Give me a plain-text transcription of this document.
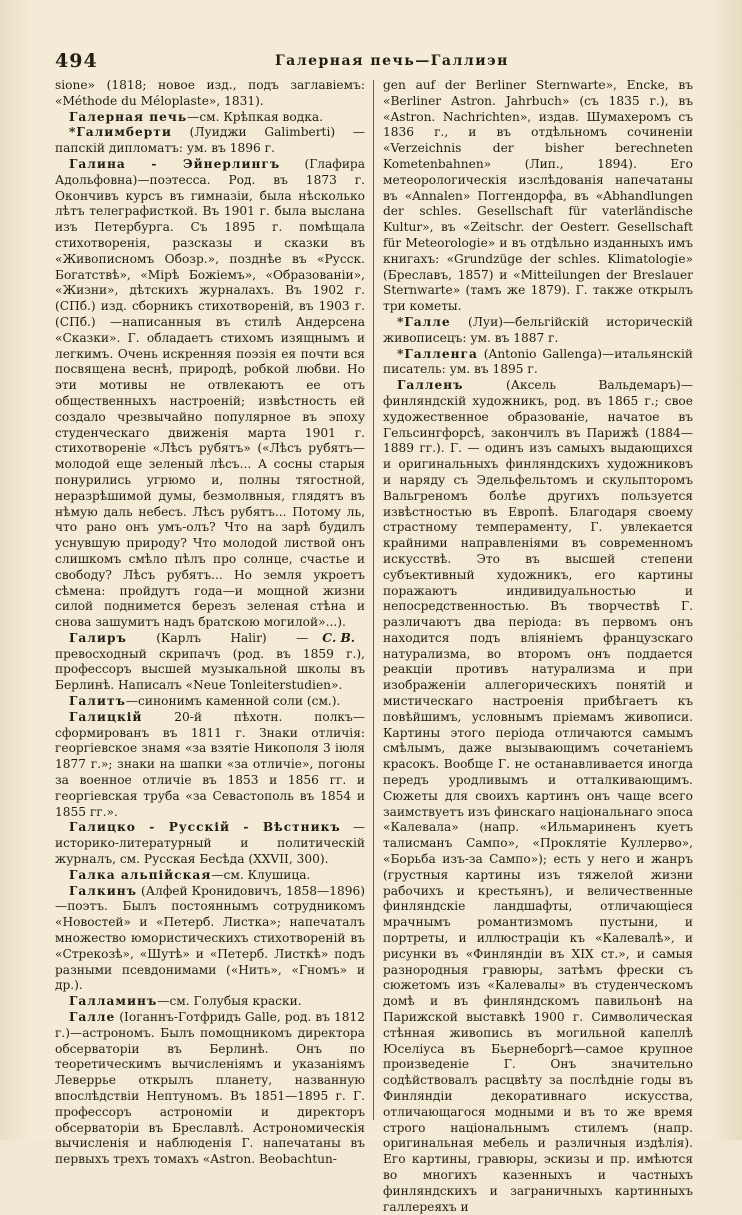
494	Галерная печь—Галлиэн

sione» (1818; новое изд., подъ заглавіемъ: «Méthode du Méloplaste», 1831).

Галерная печь—см. Крѣпкая водка.

*Галимберти (Луиджи Galimberti) — папскій дипломатъ: ум. въ 1896 г.

Галина - Эйнерлингъ (Глафира Адольфовна)—поэтесса. Род. въ 1873 г. Окончивъ курсъ въ гимназіи, была нѣсколько лѣтъ телеграфисткой. Въ 1901 г. была выслана изъ Петербурга. Съ 1895 г. помѣщала стихотворенія, разсказы и сказки въ «Живописномъ Обозр.», позднѣе въ «Русск. Богатствѣ», «Мірѣ Божіемъ», «Образованіи», «Жизни», дѣтскихъ журналахъ. Въ 1902 г. (СПб.) изд. сборникъ стихотвореній, въ 1903 г. (СПб.) —написанныя въ стилѣ Андерсена «Сказки». Г. обладаетъ стихомъ изящнымъ и легкимъ. Очень искренняя поэзія ея почти вся посвящена веснѣ, природѣ, робкой любви. Но эти мотивы не отвлекаютъ ее отъ общественныхъ настроеній; извѣстность ей создало чрезвычайно популярное въ эпоху студенческаго движенія марта 1901 г. стихотвореніе «Лѣсъ рубятъ» («Лѣсъ рубятъ—молодой еще зеленый лѣсъ... А сосны старыя понурились угрюмо и, полны тягостной, неразрѣшимой думы, безмолвныя, глядятъ въ нѣмую даль небесъ. Лѣсъ рубятъ... Потому ль, что рано онъ умъ-олъ? Что на зарѣ будилъ уснувшую природу? Что молодой листвой онъ слишкомъ смѣло пѣлъ про солнце, счастье и свободу? Лѣсъ рубятъ... Но земля укроетъ сѣмена: пройдутъ года—и мощной жизни силой поднимется березъ зеленая стѣна и снова зашумитъ надъ братскою могилой»...).
С. В.

Галиръ (Карлъ Halir) — превосходный скрипачъ (род. въ 1859 г.), профессоръ высшей музыкальной школы въ Берлинѣ. Написалъ «Neue Tonleiterstudien».

Галитъ—синонимъ каменной соли (см.).

Галицкій 20-й пѣхотн. полкъ—сформированъ въ 1811 г. Знаки отличія: георгіевское знамя «за взятіе Никополя 3 іюля 1877 г.»; знаки на шапки «за отличіе», погоны за военное отличіе въ 1853 и 1856 гг. и георгіевская труба «за Севастополь въ 1854 и 1855 гг.».

Галицко - Русскій - Вѣстникъ — историко-литературный и политическій журналъ, см. Русская Бесѣда (XXVII, 300).

Галка альпійская—см. Клушица.

Галкинъ (Алфей Кронидовичъ, 1858—1896)—поэтъ. Былъ постояннымъ сотрудникомъ «Новостей» и «Петерб. Листка»; напечаталъ множество юмористическихъ стихотвореній въ «Стрекозѣ», «Шутѣ» и «Петерб. Листкѣ» подъ разными псевдонимами («Нить», «Гномъ» и др.).

Галламинъ—см. Голубыя краски.

Галле (Іоганнъ-Готфридъ Galle, род. въ 1812 г.)—астрономъ. Былъ помощникомъ директора обсерваторіи въ Берлинѣ. Онъ по теоретическимъ вычисленіямъ и указаніямъ Леверрье открылъ планету, названную впослѣдствіи Нептуномъ. Въ 1851—1895 г. Г. профессоръ астрономіи и директоръ обсерваторіи въ Бреславлѣ. Астрономическія вычисленія и наблюденія Г. напечатаны въ первыхъ трехъ томахъ «Astron. Beobachtun-

gen auf der Berliner Sternwarte», Encke, въ «Berliner Astron. Jahrbuch» (съ 1835 г.), въ «Astron. Nachrichten», издав. Шумахеромъ съ 1836 г., и въ отдѣльномъ сочиненіи «Verzeichnis der bisher berechneten Kometenbahnen» (Лип., 1894). Его метеорологическія изслѣдованія напечатаны въ «Annalen» Поггендорфа, въ «Abhandlungen der schles. Gesellschaft für vaterländische Kultur», въ «Zeitschr. der Oesterr. Gesellschaft für Meteorologie» и въ отдѣльно изданныхъ имъ книгахъ: «Grundzüge der schles. Klimatologie» (Бреславъ, 1857) и «Mitteilungen der Breslauer Sternwarte» (тамъ же 1879). Г. также открылъ три кометы.

*Галле (Луи)—бельгійскій историческій живописецъ: ум. въ 1887 г.

*Галленга (Antonio Gallenga)—итальянскій писатель: ум. въ 1895 г.

Галленъ (Аксель Вальдемаръ)—финляндскій художникъ, род. въ 1865 г.; свое художественное образованіе, начатое въ Гельсингфорсѣ, закончилъ въ Парижѣ (1884—1889 гг.). Г. — одинъ изъ самыхъ выдающихся и оригинальныхъ финляндскихъ художниковъ и наряду съ Эдельфельтомъ и скульпторомъ Вальгреномъ болѣе другихъ пользуется извѣстностью въ Европѣ. Благодаря своему страстному темпераменту, Г. увлекается крайними направленіями въ современномъ искусствѣ. Это въ высшей степени субъективный художникъ, его картины поражаютъ индивидуальностью и непосредственностью. Въ творчествѣ Г. различаютъ два періода: въ первомъ онъ находится подъ вліяніемъ французскаго натурализма, во второмъ онъ поддается реакціи противъ натурализма и при изображеніи аллегорическихъ понятій и мистическаго настроенія прибѣгаетъ къ повѣйшимъ, условнымъ пріемамъ живописи. Картины этого періода отличаются самымъ смѣлымъ, даже вызывающимъ сочетаніемъ красокъ. Вообще Г. не останавливается иногда передъ уродливымъ и отталкивающимъ. Сюжеты для своихъ картинъ онъ чаще всего заимствуетъ изъ финскаго національнаго эпоса «Калевала» (напр. «Ильмариненъ куетъ талисманъ Сампо», «Проклятіе Куллерво», «Борьба изъ-за Сампо»); есть у него и жанръ (грустныя картины изъ тяжелой жизни рабочихъ и крестьянъ), и величественные финляндскіе ландшафты, отличающіеся мрачнымъ романтизмомъ пустыни, и портреты, и иллюстраціи къ «Калевалѣ», и рисунки въ «Финляндіи въ XIX ст.», и самыя разнородныя гравюры, затѣмъ фрески съ сюжетомъ изъ «Калевалы» въ студенческомъ домѣ и въ финляндскомъ павильонѣ на Парижской выставкѣ 1900 г. Символическая стѣнная живопись въ могильной капеллѣ Юселіуса въ Бьернеборгѣ—самое крупное произведеніе Г. Онъ значительно содѣйствовалъ расцвѣту за послѣдніе годы въ Финляндіи декоративнаго искусства, отличающагося модными и въ то же время строго національнымъ стилемъ (напр. оригинальная мебель и различныя издѣлія). Его картины, гравюры, эскизы и пр. имѣются во многихъ казенныхъ и частныхъ финляндскихъ и заграничныхъ картинныхъ галлереяхъ и
